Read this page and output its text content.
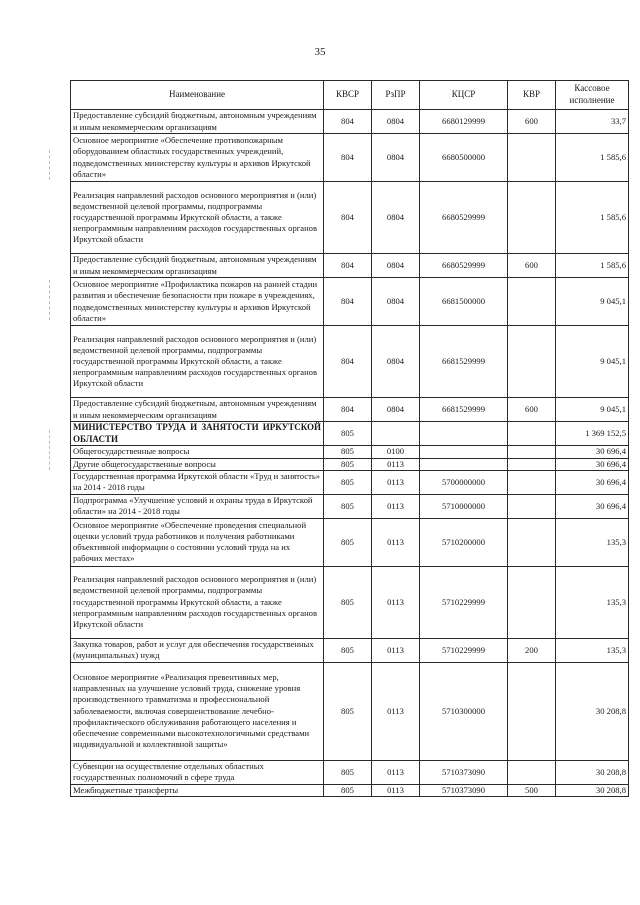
35
Наименование	КВСР	РзПР	КЦСР	КВР	Кассовое исполнение
Предоставление субсидий бюджетным, автономным учреждениям и иным некоммерческим организациям	804	0804	6680129999	600	33,7
Основное мероприятие «Обеспечение противопожарным оборудованием областных государственных учреждений, подведомственных министерству культуры и архивов Иркутской области»	804	0804	6680500000		1 585,6
Реализация направлений расходов основного мероприятия и (или) ведомственной целевой программы, подпрограммы государственной программы Иркутской области, а также непрограммным направлениям расходов государственных органов Иркутской области	804	0804	6680529999		1 585,6
Предоставление субсидий бюджетным, автономным учреждениям и иным некоммерческим организациям	804	0804	6680529999	600	1 585,6
Основное мероприятие «Профилактика пожаров на ранней стадии развития и обеспечение безопасности при пожаре в учреждениях, подведомственных министерству культуры и архивов Иркутской области»	804	0804	6681500000		9 045,1
Реализация направлений расходов основного мероприятия и (или) ведомственной целевой программы, подпрограммы государственной программы Иркутской области, а также непрограммным направлениям расходов государственных органов Иркутской области	804	0804	6681529999		9 045,1
Предоставление субсидий бюджетным, автономным учреждениям и иным некоммерческим организациям	804	0804	6681529999	600	9 045,1
МИНИСТЕРСТВО ТРУДА И ЗАНЯТОСТИ ИРКУТСКОЙ ОБЛАСТИ	805				1 369 152,5
Общегосударственные вопросы	805	0100			30 696,4
Другие общегосударственные вопросы	805	0113			30 696,4
Государственная программа Иркутской области «Труд и занятость» на 2014 - 2018 годы	805	0113	5700000000		30 696,4
Подпрограмма «Улучшение условий и охраны труда в Иркутской области» на 2014 - 2018 годы	805	0113	5710000000		30 696,4
Основное мероприятие «Обеспечение проведения специальной оценки условий труда работников и получения работниками объективной информации о состоянии условий труда на их рабочих местах»	805	0113	5710200000		135,3
Реализация направлений расходов основного мероприятия и (или) ведомственной целевой программы, подпрограммы государственной программы Иркутской области, а также непрограммным направлениям расходов государственных органов Иркутской области	805	0113	5710229999		135,3
Закупка товаров, работ и услуг для обеспечения государственных (муниципальных) нужд	805	0113	5710229999	200	135,3
Основное мероприятие «Реализация превентивных мер, направленных на улучшение условий труда, снижение уровня производственного травматизма и профессиональной заболеваемости, включая совершенствование лечебно-профилактического обслуживания работающего населения и обеспечение современными высокотехнологичными средствами индивидуальной и коллективной защиты»	805	0113	5710300000		30 208,8
Субвенции на осуществление отдельных областных государственных полномочий в сфере труда	805	0113	5710373090		30 208,8
Межбюджетные трансферты	805	0113	5710373090	500	30 208,8
